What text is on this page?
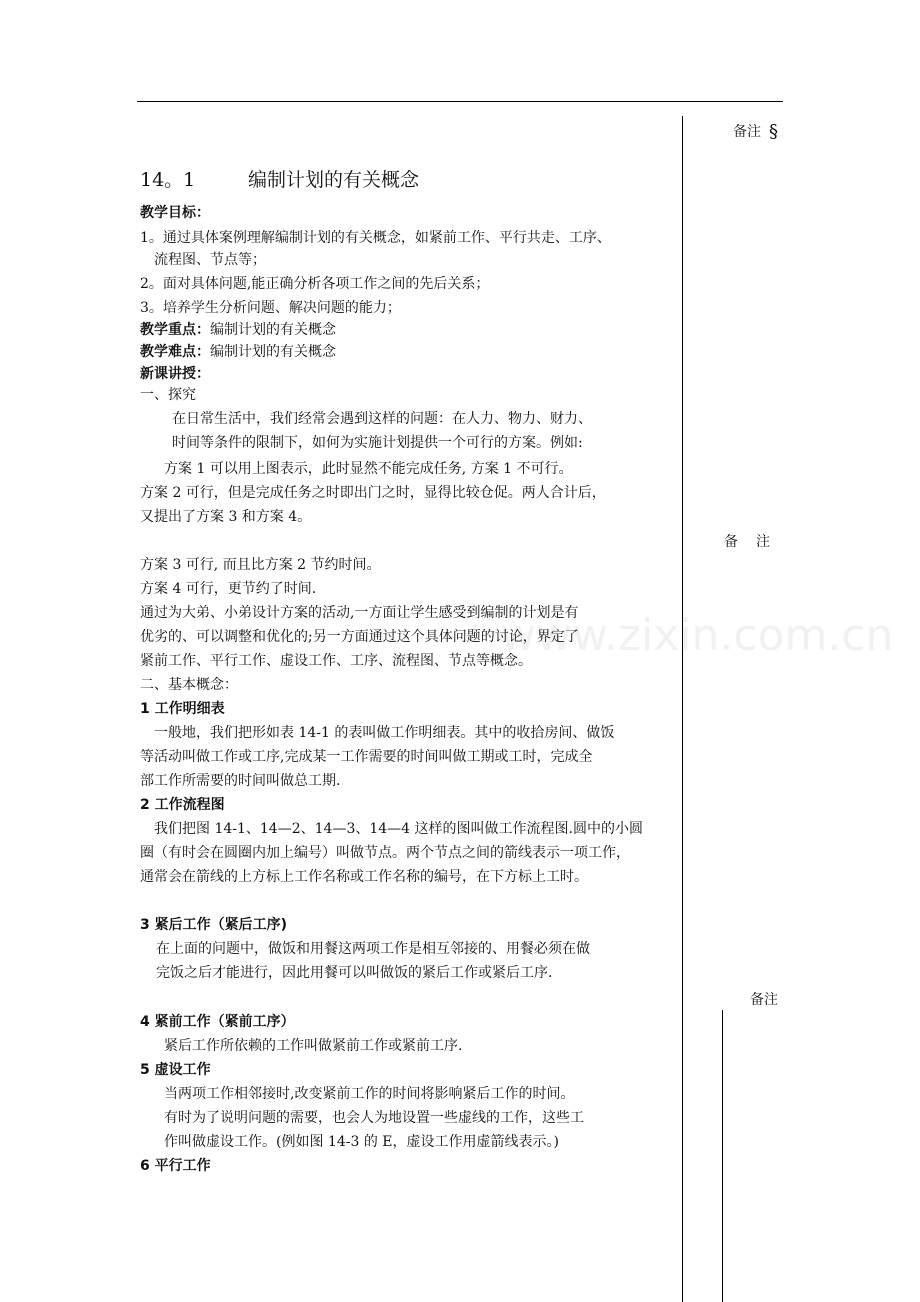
www.zixin.com.cn
备注 §
备注
备注
14。1	编制计划的有关概念
教学目标：
1。通过具体案例理解编制计划的有关概念，如紧前工作、平行共走、工序、
流程图、节点等；
2。面对具体问题,能正确分析各项工作之间的先后关系；
3。培养学生分析问题、解决问题的能力；
教学重点：编制计划的有关概念
教学难点：编制计划的有关概念
新课讲授：
一、探究
在日常生活中，我们经常会遇到这样的问题：在人力、物力、财力、
时间等条件的限制下，如何为实施计划提供一个可行的方案。例如:
方案 1 可以用上图表示，此时显然不能完成任务, 方案 1 不可行。
方案 2 可行，但是完成任务之时即出门之时，显得比较仓促。两人合计后，
又提出了方案 3 和方案 4。
方案 3 可行, 而且比方案 2 节约时间。
方案 4 可行，更节约了时间.
通过为大弟、小弟设计方案的活动,一方面让学生感受到编制的计划是有
优劣的、可以调整和优化的;另一方面通过这个具体问题的讨论，界定了
紧前工作、平行工作、虚设工作、工序、流程图、节点等概念。
二、基本概念：
1 工作明细表
一般地，我们把形如表 14-1 的表叫做工作明细表。其中的收拾房间、做饭
等活动叫做工作或工序,完成某一工作需要的时间叫做工期或工时，完成全
部工作所需要的时间叫做总工期.
2 工作流程图
我们把图 14-1、14—2、14—3、14—4 这样的图叫做工作流程图.圆中的小圆
圈（有时会在圆圈内加上编号）叫做节点。两个节点之间的箭线表示一项工作，
通常会在箭线的上方标上工作名称或工作名称的编号，在下方标上工时。
3 紧后工作（紧后工序)
在上面的问题中，做饭和用餐这两项工作是相互邻接的、用餐必须在做
完饭之后才能进行，因此用餐可以叫做饭的紧后工作或紧后工序.
4 紧前工作（紧前工序）
紧后工作所依赖的工作叫做紧前工作或紧前工序.
5 虚设工作
当两项工作相邻接时,改变紧前工作的时间将影响紧后工作的时间。
有时为了说明问题的需要，也会人为地设置一些虚线的工作，这些工
作叫做虚设工作。(例如图 14-3 的 E，虚设工作用虚箭线表示。)
6 平行工作
